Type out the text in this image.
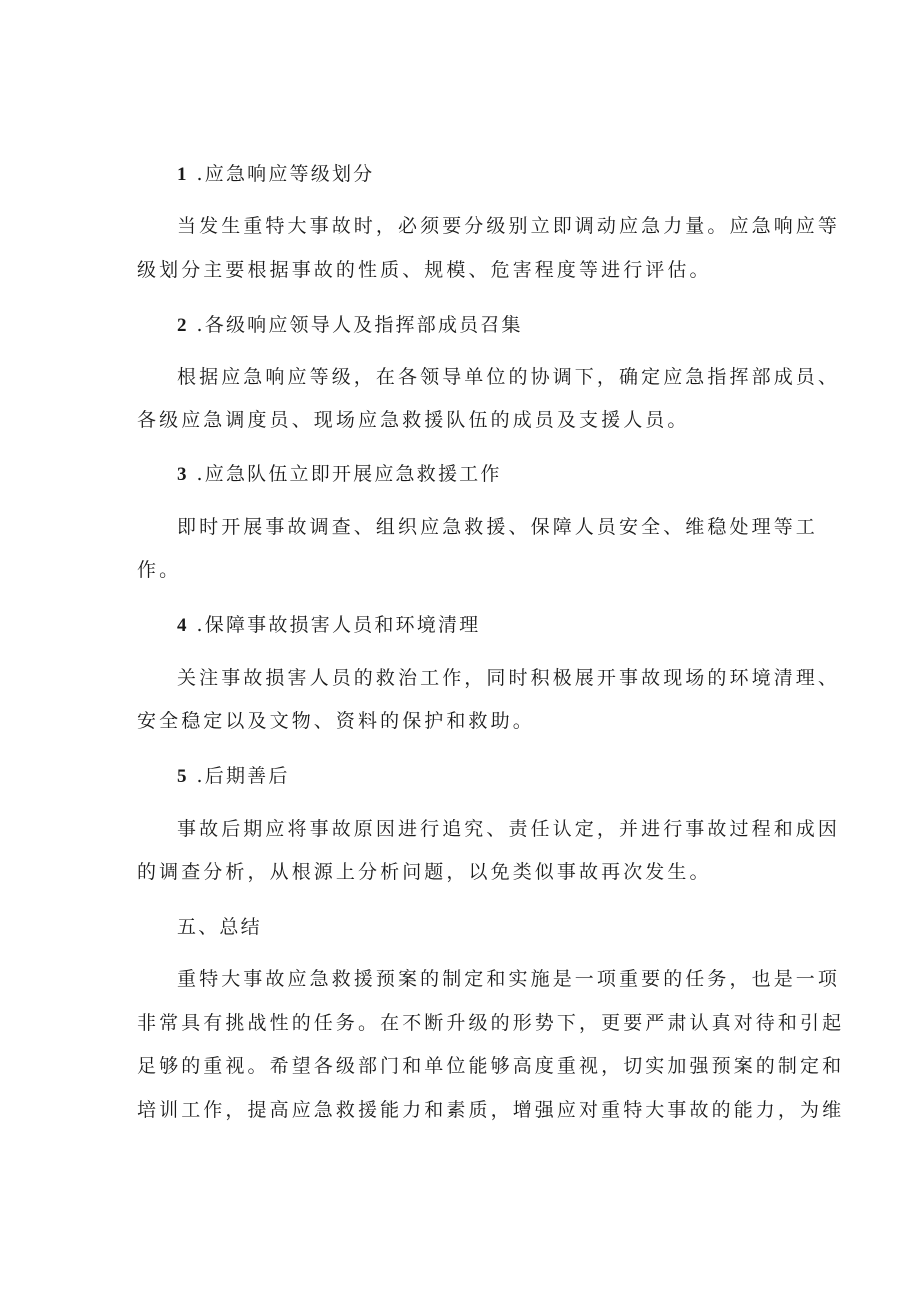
1 .应急响应等级划分
当发生重特大事故时，必须要分级别立即调动应急力量。应急响应等
级划分主要根据事故的性质、规模、危害程度等进行评估。
2 .各级响应领导人及指挥部成员召集
根据应急响应等级，在各领导单位的协调下，确定应急指挥部成员、
各级应急调度员、现场应急救援队伍的成员及支援人员。
3 .应急队伍立即开展应急救援工作
即时开展事故调查、组织应急救援、保障人员安全、维稳处理等工
作。
4 .保障事故损害人员和环境清理
关注事故损害人员的救治工作，同时积极展开事故现场的环境清理、
安全稳定以及文物、资料的保护和救助。
5 .后期善后
事故后期应将事故原因进行追究、责任认定，并进行事故过程和成因
的调查分析，从根源上分析问题，以免类似事故再次发生。
五、总结
重特大事故应急救援预案的制定和实施是一项重要的任务，也是一项
非常具有挑战性的任务。在不断升级的形势下，更要严肃认真对待和引起
足够的重视。希望各级部门和单位能够高度重视，切实加强预案的制定和
培训工作，提高应急救援能力和素质，增强应对重特大事故的能力，为维
